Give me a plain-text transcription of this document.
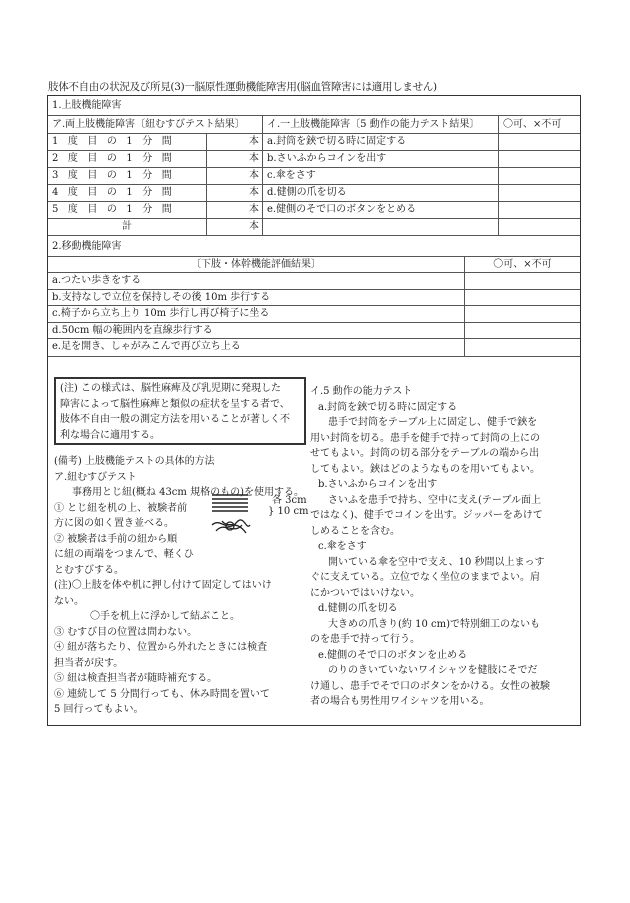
肢体不自由の状況及び所見(3)一脳原性運動機能障害用(脳血管障害には適用しません)
1.上肢機能障害
ア.両上肢機能障害〔紐むすびテスト結果〕	イ.一上肢機能障害〔5 動作の能力テスト結果〕	〇可、×不可
1度目の1分間	本 a.封筒を鋏で切る時に固定する
2度目の1分間	本 b.さいふからコインを出す
3度目の1分間	本 c.傘をさす
4度目の1分間	本 d.健側の爪を切る
5度目の1分間	本 e.健側のそで口のボタンをとめる
計	本
2.移動機能障害
〔下肢・体幹機能評価結果〕	〇可、×不可
a.つたい歩きをする
b.支持なしで立位を保持しその後 10m 歩行する
c.椅子から立ち上り 10m 歩行し再び椅子に坐る
d.50cm 幅の範囲内を直線歩行する
e.足を開き、しゃがみこんで再び立ち上る
(注) この様式は、脳性麻痺及び乳児期に発現した
障害によって脳性麻痺と類似の症状を呈する者で、
肢体不自由一般の測定方法を用いることが著しく不
利な場合に適用する。

(備考) 上肢機能テストの具体的方法

ア.紐むすびテスト

事務用とじ紐(概ね 43cm 規格のもの)を使用する。

① とじ紐を机の上、被験者前

方に図の如く置き並べる。

② 被験者は手前の紐から順

に紐の両端をつまんで、軽くひ

とむすびする。

(注)〇上肢を体や机に押し付けて固定してはいけ

ない。

〇手を机上に浮かして結ぶこと。

③ むすび目の位置は問わない。

④ 紐が落ちたり、位置から外れたときには検査

担当者が戻す。

⑤ 紐は検査担当者が随時補充する。

⑥ 連続して 5 分間行っても、休み時間を置いて

5 回行ってもよい。

各 3cm
} 10 cm

イ.5 動作の能力テスト

a.封筒を鋏で切る時に固定する

患手で封筒をテーブル上に固定し、健手で鋏を

用い封筒を切る。患手を健手で持って封筒の上にの

せてもよい。封筒の切る部分をテーブルの端から出

してもよい。鋏はどのようなものを用いてもよい。

b.さいふからコインを出す

さいふを患手で持ち、空中に支え(テーブル面上

ではなく)、健手でコインを出す。ジッパーをあけて

しめることを含む。

c.傘をさす

開いている傘を空中で支え、10 秒間以上まっす

ぐに支えている。立位でなく坐位のままでよい。肩

にかついではいけない。

d.健側の爪を切る

大きめの爪きり(約 10 cm)で特別細工のないも

のを患手で持って行う。

e.健側のそで口のボタンを止める

のりのきいていないワイシャツを健肢にそでだ

け通し、患手でそで口のボタンをかける。女性の被験

者の場合も男性用ワイシャツを用いる。
